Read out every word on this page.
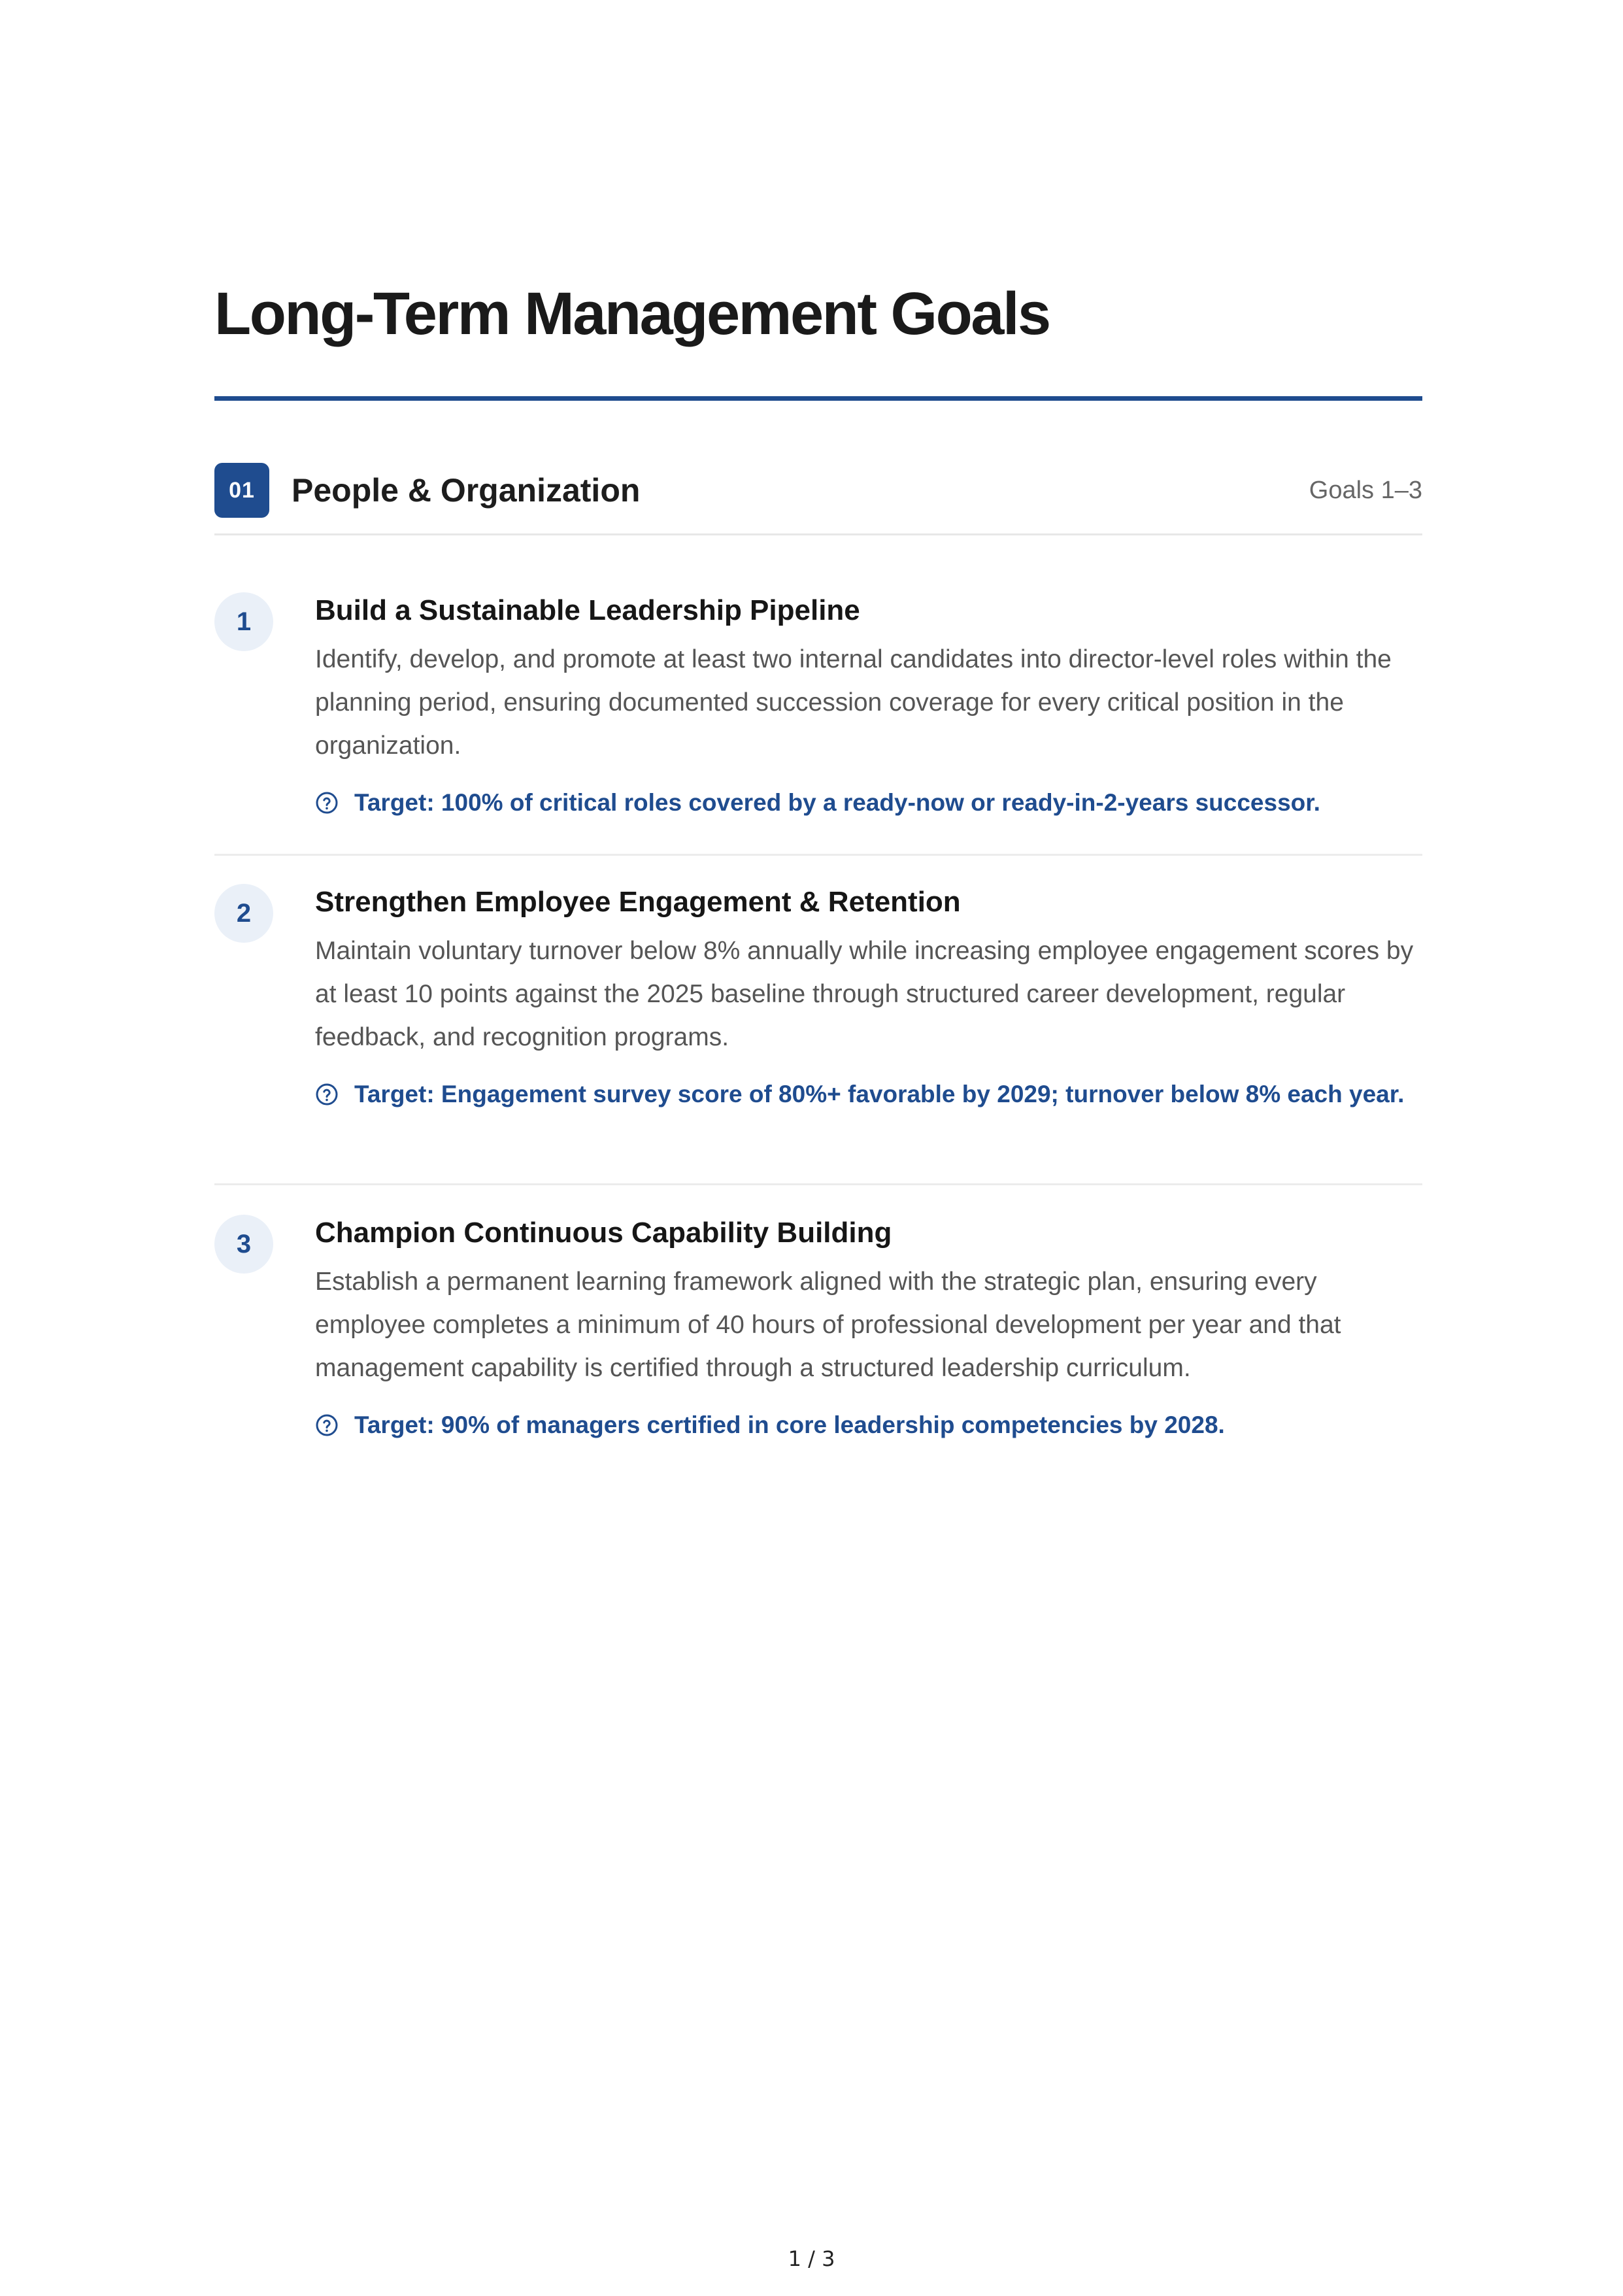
Long-Term Management Goals
01	People & Organization	Goals 1–3
1	Build a Sustainable Leadership Pipeline

Identify, develop, and promote at least two internal candidates into director-level roles within the planning period, ensuring documented succession coverage for every critical position in the organization.

Target: 100% of critical roles covered by a ready-now or ready-in-2-years successor.
2	Strengthen Employee Engagement & Retention

Maintain voluntary turnover below 8% annually while increasing employee engagement scores by at least 10 points against the 2025 baseline through structured career development, regular feedback, and recognition programs.

Target: Engagement survey score of 80%+ favorable by 2029; turnover below 8% each year.
3	Champion Continuous Capability Building

Establish a permanent learning framework aligned with the strategic plan, ensuring every employee completes a minimum of 40 hours of professional development per year and that management capability is certified through a structured leadership curriculum.

Target: 90% of managers certified in core leadership competencies by 2028.
1 / 3
